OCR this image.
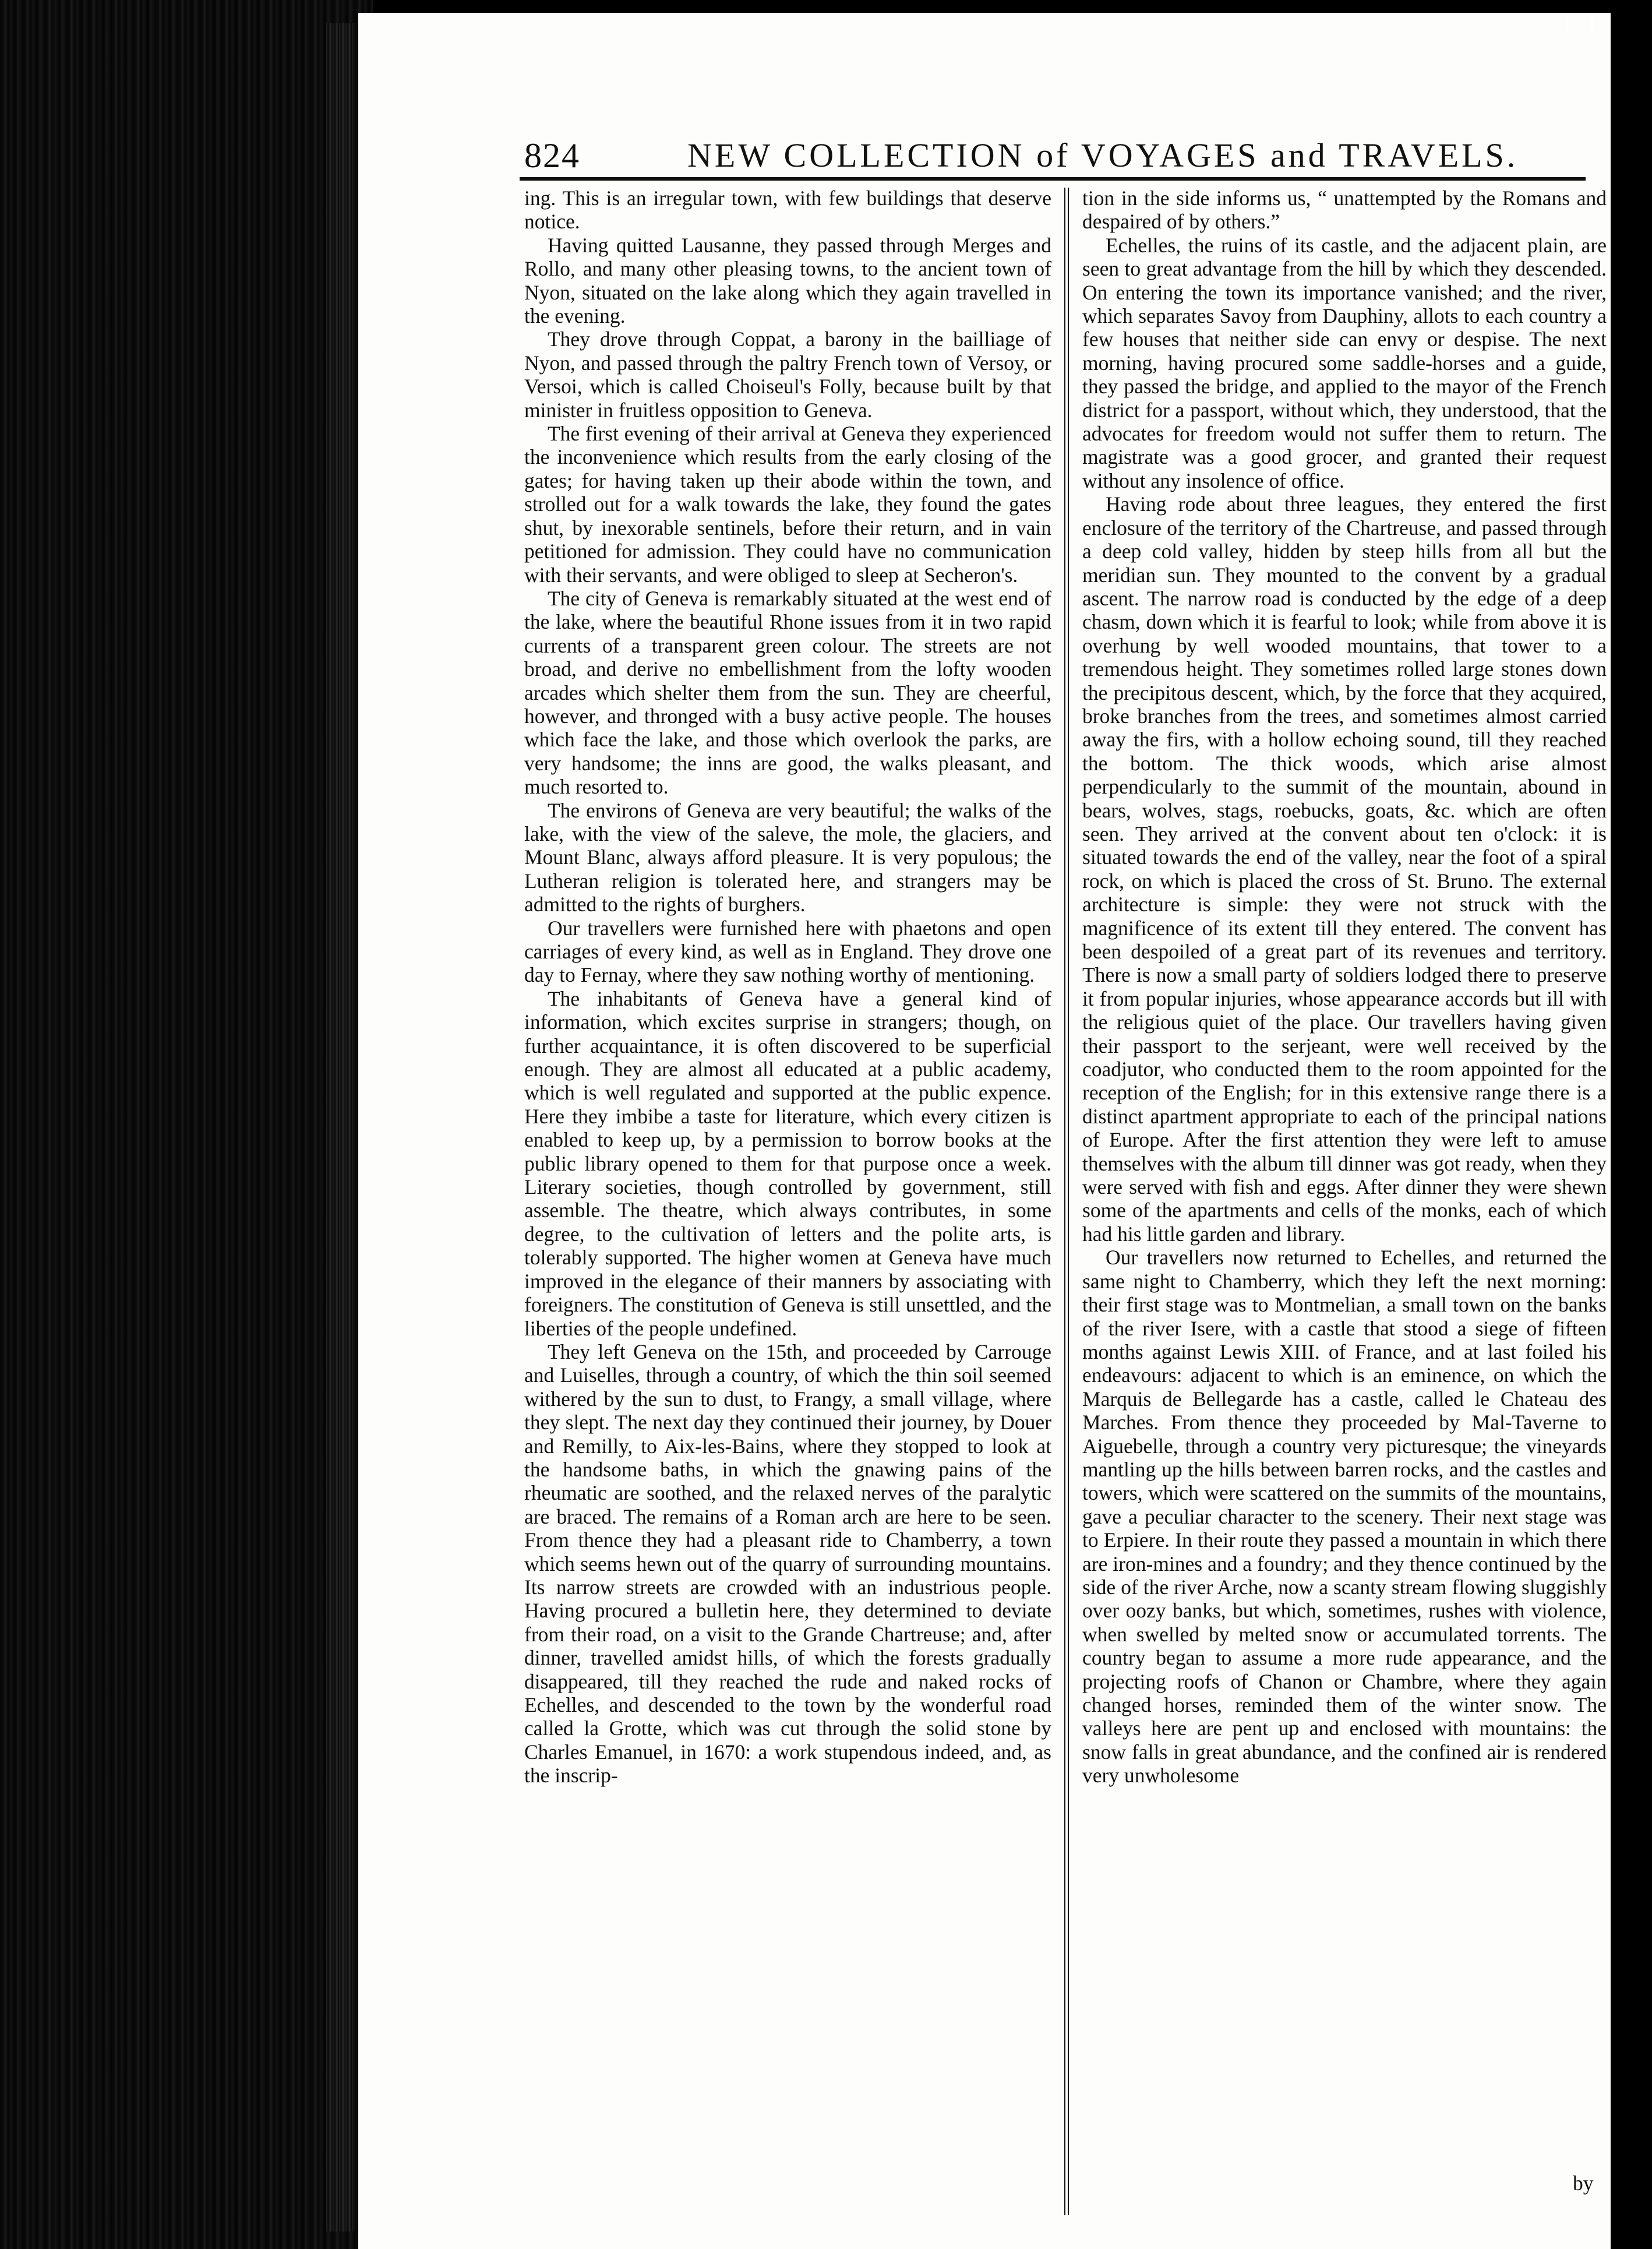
| |
824	NEW COLLECTION of VOYAGES and TRAVELS.

ing. This is an irregular town, with few buildings that deserve notice.

Having quitted Lausanne, they passed through Merges and Rollo, and many other pleasing towns, to the ancient town of Nyon, situated on the lake along which they again travelled in the evening.

They drove through Coppat, a barony in the bailliage of Nyon, and passed through the paltry French town of Versoy, or Versoi, which is called Choiseul's Folly, because built by that minister in fruitless opposition to Geneva.

The first evening of their arrival at Geneva they experienced the inconvenience which results from the early closing of the gates; for having taken up their abode within the town, and strolled out for a walk towards the lake, they found the gates shut, by inexorable sentinels, before their return, and in vain petitioned for admission. They could have no communication with their servants, and were obliged to sleep at Secheron's.

The city of Geneva is remarkably situated at the west end of the lake, where the beautiful Rhone issues from it in two rapid currents of a transparent green colour. The streets are not broad, and derive no embellishment from the lofty wooden arcades which shelter them from the sun. They are cheerful, however, and thronged with a busy active people. The houses which face the lake, and those which overlook the parks, are very handsome; the inns are good, the walks pleasant, and much resorted to.

The environs of Geneva are very beautiful; the walks of the lake, with the view of the saleve, the mole, the glaciers, and Mount Blanc, always afford pleasure. It is very populous; the Lutheran religion is tolerated here, and strangers may be admitted to the rights of burghers.

Our travellers were furnished here with phaetons and open carriages of every kind, as well as in England. They drove one day to Fernay, where they saw nothing worthy of mentioning.

The inhabitants of Geneva have a general kind of information, which excites surprise in strangers; though, on further acquaintance, it is often discovered to be superficial enough. They are almost all educated at a public academy, which is well regulated and supported at the public expence. Here they imbibe a taste for literature, which every citizen is enabled to keep up, by a permission to borrow books at the public library opened to them for that purpose once a week. Literary societies, though controlled by government, still assemble. The theatre, which always contributes, in some degree, to the cultivation of letters and the polite arts, is tolerably supported. The higher women at Geneva have much improved in the elegance of their manners by associating with foreigners. The constitution of Geneva is still unsettled, and the liberties of the people undefined.

They left Geneva on the 15th, and proceeded by Carrouge and Luiselles, through a country, of which the thin soil seemed withered by the sun to dust, to Frangy, a small village, where they slept. The next day they continued their journey, by Douer and Remilly, to Aix-les-Bains, where they stopped to look at the handsome baths, in which the gnawing pains of the rheumatic are soothed, and the relaxed nerves of the paralytic are braced. The remains of a Roman arch are here to be seen. From thence they had a pleasant ride to Chamberry, a town which seems hewn out of the quarry of surrounding mountains. Its narrow streets are crowded with an industrious people. Having procured a bulletin here, they determined to deviate from their road, on a visit to the Grande Chartreuse; and, after dinner, travelled amidst hills, of which the forests gradually disappeared, till they reached the rude and naked rocks of Echelles, and descended to the town by the wonderful road called la Grotte, which was cut through the solid stone by Charles Emanuel, in 1670: a work stupendous indeed, and, as the inscrip-

tion in the side informs us, “ unattempted by the Romans and despaired of by others.”

Echelles, the ruins of its castle, and the adjacent plain, are seen to great advantage from the hill by which they descended. On entering the town its importance vanished; and the river, which separates Savoy from Dauphiny, allots to each country a few houses that neither side can envy or despise. The next morning, having procured some saddle-horses and a guide, they passed the bridge, and applied to the mayor of the French district for a passport, without which, they understood, that the advocates for freedom would not suffer them to return. The magistrate was a good grocer, and granted their request without any insolence of office.

Having rode about three leagues, they entered the first enclosure of the territory of the Chartreuse, and passed through a deep cold valley, hidden by steep hills from all but the meridian sun. They mounted to the convent by a gradual ascent. The narrow road is conducted by the edge of a deep chasm, down which it is fearful to look; while from above it is overhung by well wooded mountains, that tower to a tremendous height. They sometimes rolled large stones down the precipitous descent, which, by the force that they acquired, broke branches from the trees, and sometimes almost carried away the firs, with a hollow echoing sound, till they reached the bottom. The thick woods, which arise almost perpendicularly to the summit of the mountain, abound in bears, wolves, stags, roebucks, goats, &c. which are often seen. They arrived at the convent about ten o'clock: it is situated towards the end of the valley, near the foot of a spiral rock, on which is placed the cross of St. Bruno. The external architecture is simple: they were not struck with the magnificence of its extent till they entered. The convent has been despoiled of a great part of its revenues and territory. There is now a small party of soldiers lodged there to preserve it from popular injuries, whose appearance accords but ill with the religious quiet of the place. Our travellers having given their passport to the serjeant, were well received by the coadjutor, who conducted them to the room appointed for the reception of the English; for in this extensive range there is a distinct apartment appropriate to each of the principal nations of Europe. After the first attention they were left to amuse themselves with the album till dinner was got ready, when they were served with fish and eggs. After dinner they were shewn some of the apartments and cells of the monks, each of which had his little garden and library.

Our travellers now returned to Echelles, and returned the same night to Chamberry, which they left the next morning: their first stage was to Montmelian, a small town on the banks of the river Isere, with a castle that stood a siege of fifteen months against Lewis XIII. of France, and at last foiled his endeavours: adjacent to which is an eminence, on which the Marquis de Bellegarde has a castle, called le Chateau des Marches. From thence they proceeded by Mal-Taverne to Aiguebelle, through a country very picturesque; the vineyards mantling up the hills between barren rocks, and the castles and towers, which were scattered on the summits of the mountains, gave a peculiar character to the scenery. Their next stage was to Erpiere. In their route they passed a mountain in which there are iron-mines and a foundry; and they thence continued by the side of the river Arche, now a scanty stream flowing sluggishly over oozy banks, but which, sometimes, rushes with violence, when swelled by melted snow or accumulated torrents. The country began to assume a more rude appearance, and the projecting roofs of Chanon or Chambre, where they again changed horses, reminded them of the winter snow. The valleys here are pent up and enclosed with mountains: the snow falls in great abundance, and the confined air is rendered very unwholesome

by
